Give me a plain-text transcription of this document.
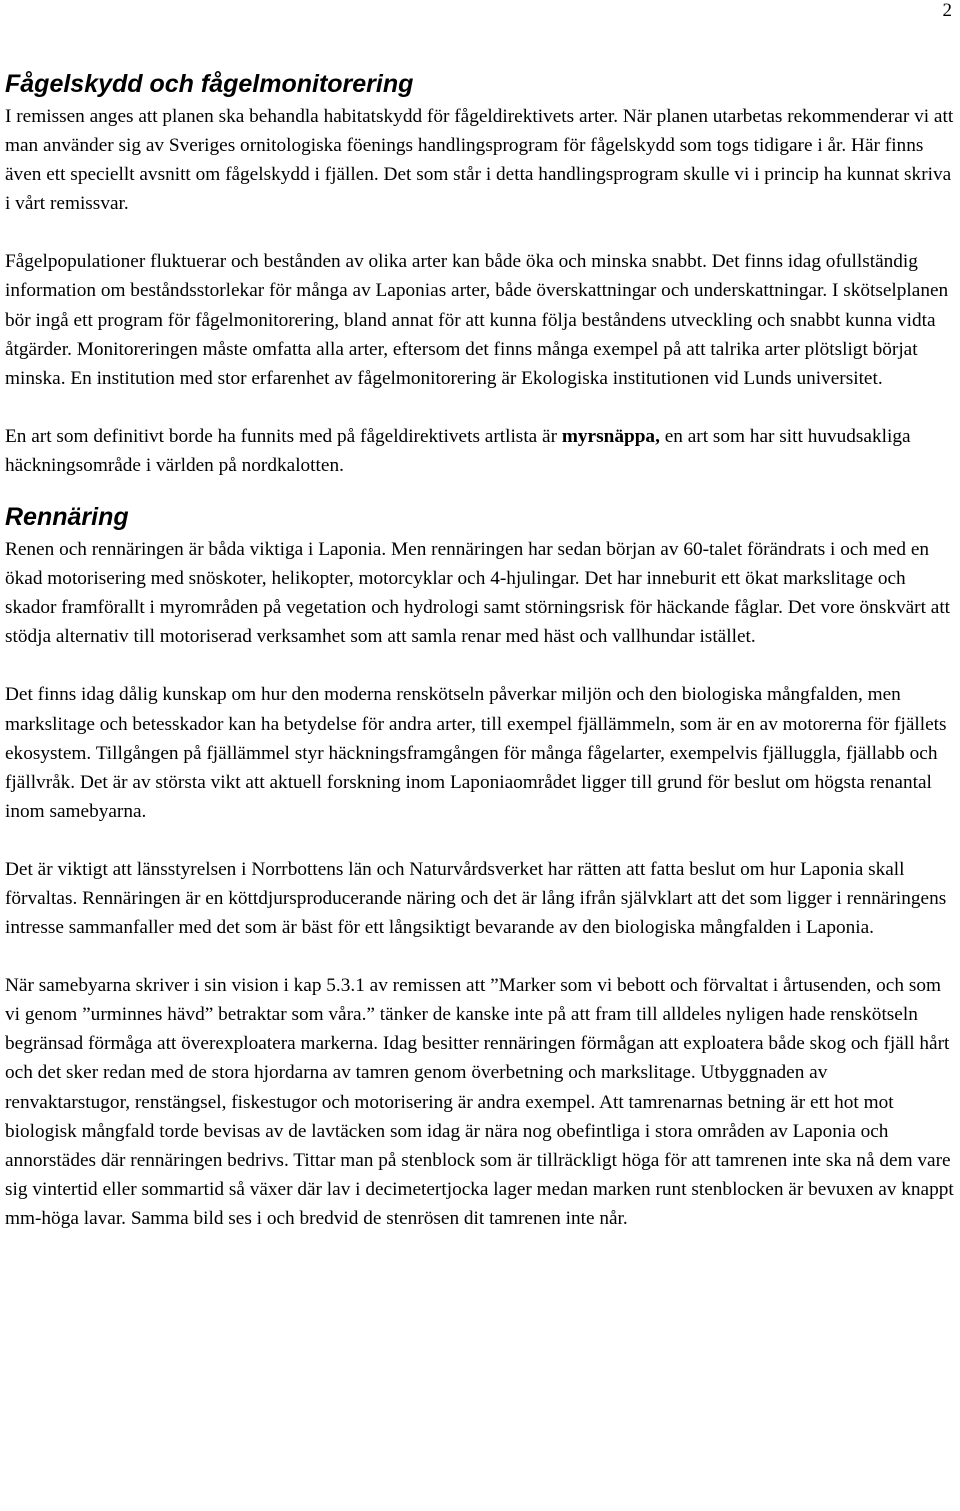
2
Fågelskydd och fågelmonitorering

I remissen anges att planen ska behandla habitatskydd för fågeldirektivets arter. När planen utarbetas rekommenderar vi att man använder sig av Sveriges ornitologiska föenings handlingsprogram för fågelskydd som togs tidigare i år. Här finns även ett speciellt avsnitt om fågelskydd i fjällen. Det som står i detta handlingsprogram skulle vi i princip ha kunnat skriva i vårt remissvar.

Fågelpopulationer fluktuerar och bestånden av olika arter kan både öka och minska snabbt. Det finns idag ofullständig information om beståndsstorlekar för många av Laponias arter, både överskattningar och underskattningar. I skötselplanen bör ingå ett program för fågelmonitorering, bland annat för att kunna följa beståndens utveckling och snabbt kunna vidta åtgärder. Monitoreringen måste omfatta alla arter, eftersom det finns många exempel på att talrika arter plötsligt börjat minska. En institution med stor erfarenhet av fågelmonitorering är Ekologiska institutionen vid Lunds universitet.

En art som definitivt borde ha funnits med på fågeldirektivets artlista är myrsnäppa, en art som har sitt huvudsakliga häckningsområde i världen på nordkalotten.

Rennäring

Renen och rennäringen är båda viktiga i Laponia. Men rennäringen har sedan början av 60-talet förändrats i och med en ökad motorisering med snöskoter, helikopter, motorcyklar och 4-hjulingar. Det har inneburit ett ökat markslitage och skador framförallt i myrområden på vegetation och hydrologi samt störningsrisk för häckande fåglar. Det vore önskvärt att stödja alternativ till motoriserad verksamhet som att samla renar med häst och vallhundar istället.

Det finns idag dålig kunskap om hur den moderna renskötseln påverkar miljön och den biologiska mångfalden, men markslitage och betesskador kan ha betydelse för andra arter, till exempel fjällämmeln, som är en av motorerna för fjällets ekosystem. Tillgången på fjällämmel styr häckningsframgången för många fågelarter, exempelvis fjälluggla, fjällabb och fjällvråk. Det är av största vikt att aktuell forskning inom Laponiaområdet ligger till grund för beslut om högsta renantal inom samebyarna.

Det är viktigt att länsstyrelsen i Norrbottens län och Naturvårdsverket har rätten att fatta beslut om hur Laponia skall förvaltas. Rennäringen är en köttdjursproducerande näring och det är lång ifrån självklart att det som ligger i rennäringens intresse sammanfaller med det som är bäst för ett långsiktigt bevarande av den biologiska mångfalden i Laponia.

När samebyarna skriver i sin vision i kap 5.3.1 av remissen att ”Marker som vi bebott och förvaltat i årtusenden, och som vi genom ”urminnes hävd” betraktar som våra.” tänker de kanske inte på att fram till alldeles nyligen hade renskötseln begränsad förmåga att överexploatera markerna. Idag besitter rennäringen förmågan att exploatera både skog och fjäll hårt och det sker redan med de stora hjordarna av tamren genom överbetning och markslitage. Utbyggnaden av renvaktarstugor, renstängsel, fiskestugor och motorisering är andra exempel. Att tamrenarnas betning är ett hot mot biologisk mångfald torde bevisas av de lavtäcken som idag är nära nog obefintliga i stora områden av Laponia och annorstädes där rennäringen bedrivs. Tittar man på stenblock som är tillräckligt höga för att tamrenen inte ska nå dem vare sig vintertid eller sommartid så växer där lav i decimetertjocka lager medan marken runt stenblocken är bevuxen av knappt mm-höga lavar. Samma bild ses i och bredvid de stenrösen dit tamrenen inte når.
